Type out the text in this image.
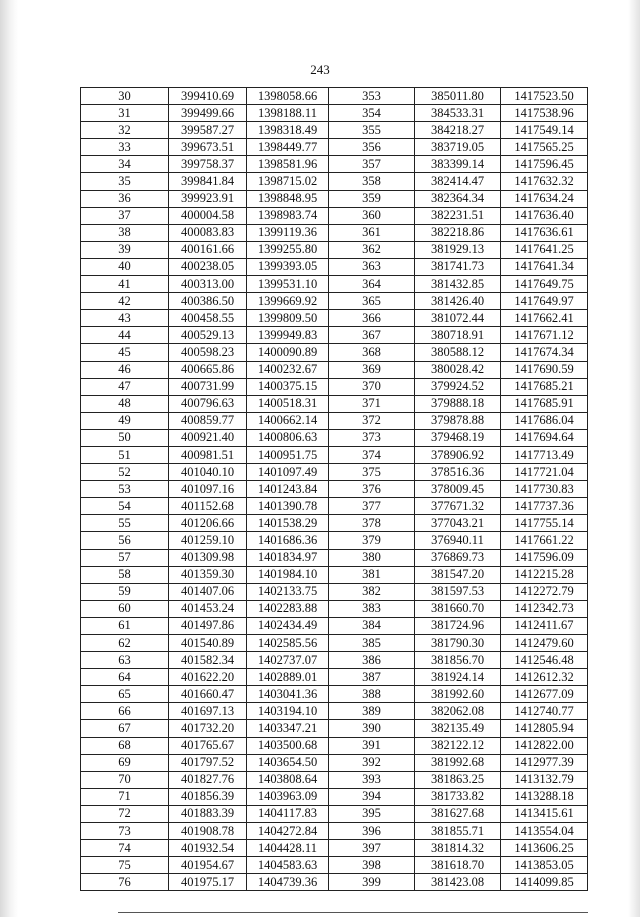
243
30	399410.69	1398058.66	353	385011.80	1417523.50
31	399499.66	1398188.11	354	384533.31	1417538.96
32	399587.27	1398318.49	355	384218.27	1417549.14
33	399673.51	1398449.77	356	383719.05	1417565.25
34	399758.37	1398581.96	357	383399.14	1417596.45
35	399841.84	1398715.02	358	382414.47	1417632.32
36	399923.91	1398848.95	359	382364.34	1417634.24
37	400004.58	1398983.74	360	382231.51	1417636.40
38	400083.83	1399119.36	361	382218.86	1417636.61
39	400161.66	1399255.80	362	381929.13	1417641.25
40	400238.05	1399393.05	363	381741.73	1417641.34
41	400313.00	1399531.10	364	381432.85	1417649.75
42	400386.50	1399669.92	365	381426.40	1417649.97
43	400458.55	1399809.50	366	381072.44	1417662.41
44	400529.13	1399949.83	367	380718.91	1417671.12
45	400598.23	1400090.89	368	380588.12	1417674.34
46	400665.86	1400232.67	369	380028.42	1417690.59
47	400731.99	1400375.15	370	379924.52	1417685.21
48	400796.63	1400518.31	371	379888.18	1417685.91
49	400859.77	1400662.14	372	379878.88	1417686.04
50	400921.40	1400806.63	373	379468.19	1417694.64
51	400981.51	1400951.75	374	378906.92	1417713.49
52	401040.10	1401097.49	375	378516.36	1417721.04
53	401097.16	1401243.84	376	378009.45	1417730.83
54	401152.68	1401390.78	377	377671.32	1417737.36
55	401206.66	1401538.29	378	377043.21	1417755.14
56	401259.10	1401686.36	379	376940.11	1417661.22
57	401309.98	1401834.97	380	376869.73	1417596.09
58	401359.30	1401984.10	381	381547.20	1412215.28
59	401407.06	1402133.75	382	381597.53	1412272.79
60	401453.24	1402283.88	383	381660.70	1412342.73
61	401497.86	1402434.49	384	381724.96	1412411.67
62	401540.89	1402585.56	385	381790.30	1412479.60
63	401582.34	1402737.07	386	381856.70	1412546.48
64	401622.20	1402889.01	387	381924.14	1412612.32
65	401660.47	1403041.36	388	381992.60	1412677.09
66	401697.13	1403194.10	389	382062.08	1412740.77
67	401732.20	1403347.21	390	382135.49	1412805.94
68	401765.67	1403500.68	391	382122.12	1412822.00
69	401797.52	1403654.50	392	381992.68	1412977.39
70	401827.76	1403808.64	393	381863.25	1413132.79
71	401856.39	1403963.09	394	381733.82	1413288.18
72	401883.39	1404117.83	395	381627.68	1413415.61
73	401908.78	1404272.84	396	381855.71	1413554.04
74	401932.54	1404428.11	397	381814.32	1413606.25
75	401954.67	1404583.63	398	381618.70	1413853.05
76	401975.17	1404739.36	399	381423.08	1414099.85
